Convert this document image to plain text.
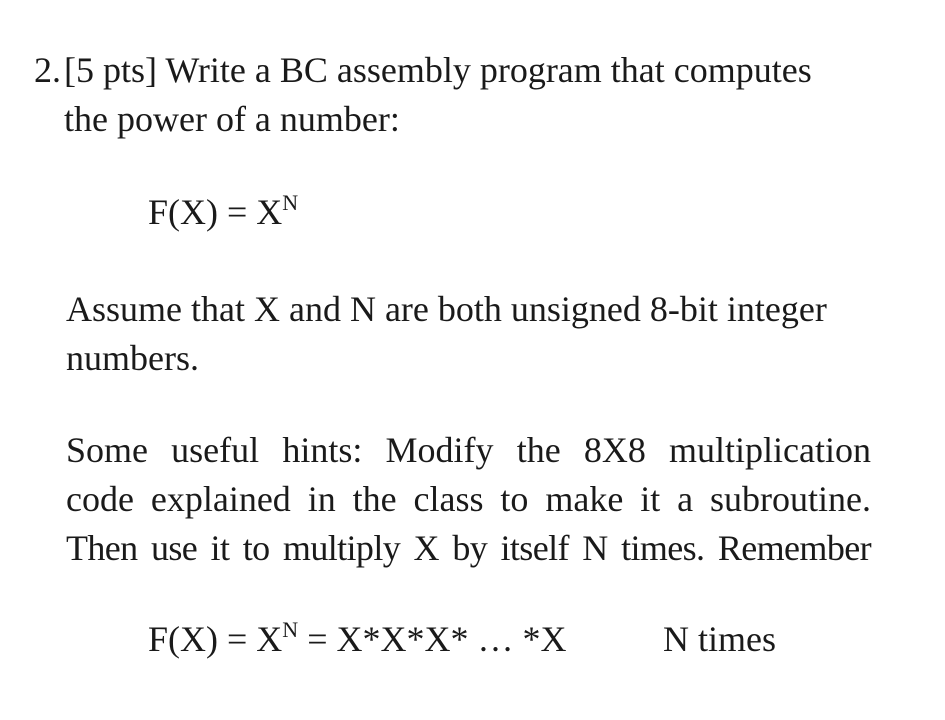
2. [5 pts] Write a BC assembly program that computes
the power of a number:
$F(X) = X^N$
Assume that X and N are both unsigned 8-bit integer
numbers.
Some useful hints: Modify the 8X8 multiplication
code explained in the class to make it a subroutine.
Then use it to multiply X by itself N times. Remember
$F(X) = X^N = X*X*X*$ … *X	N times
